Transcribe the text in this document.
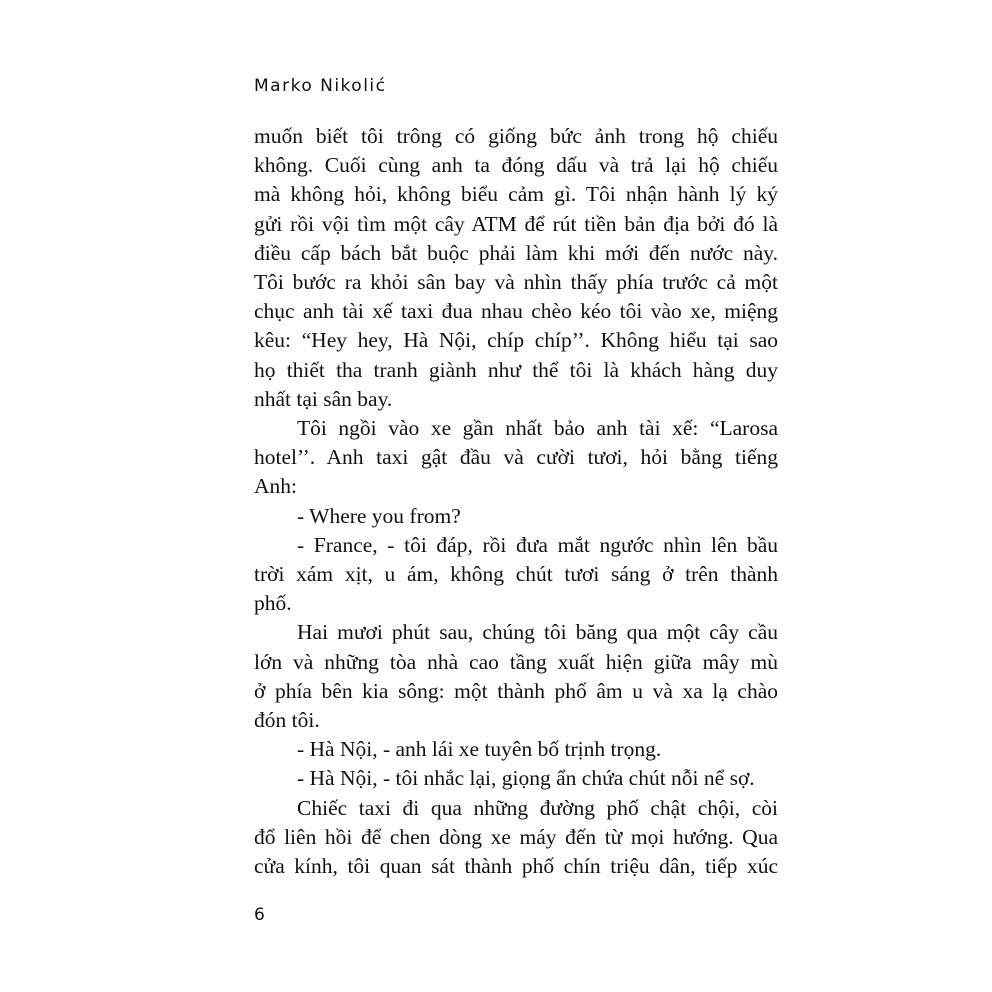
Marko Nikolić
muốn biết tôi trông có giống bức ảnh trong hộ chiếu
không. Cuối cùng anh ta đóng dấu và trả lại hộ chiếu
mà không hỏi, không biểu cảm gì. Tôi nhận hành lý ký
gửi rồi vội tìm một cây ATM để rút tiền bản địa bởi đó là
điều cấp bách bắt buộc phải làm khi mới đến nước này.
Tôi bước ra khỏi sân bay và nhìn thấy phía trước cả một
chục anh tài xế taxi đua nhau chèo kéo tôi vào xe, miệng
kêu: “Hey hey, Hà Nội, chíp chíp’’. Không hiểu tại sao
họ thiết tha tranh giành như thể tôi là khách hàng duy
nhất tại sân bay.
Tôi ngồi vào xe gần nhất bảo anh tài xế: “Larosa
hotel’’. Anh taxi gật đầu và cười tươi, hỏi bằng tiếng
Anh:
- Where you from?
- France, - tôi đáp, rồi đưa mắt ngước nhìn lên bầu
trời xám xịt, u ám, không chút tươi sáng ở trên thành
phố.
Hai mươi phút sau, chúng tôi băng qua một cây cầu
lớn và những tòa nhà cao tầng xuất hiện giữa mây mù
ở phía bên kia sông: một thành phố âm u và xa lạ chào
đón tôi.
- Hà Nội, - anh lái xe tuyên bố trịnh trọng.
- Hà Nội, - tôi nhắc lại, giọng ẩn chứa chút nỗi nể sợ.
Chiếc taxi đi qua những đường phố chật chội, còi
đổ liên hồi để chen dòng xe máy đến từ mọi hướng. Qua
cửa kính, tôi quan sát thành phố chín triệu dân, tiếp xúc
6
